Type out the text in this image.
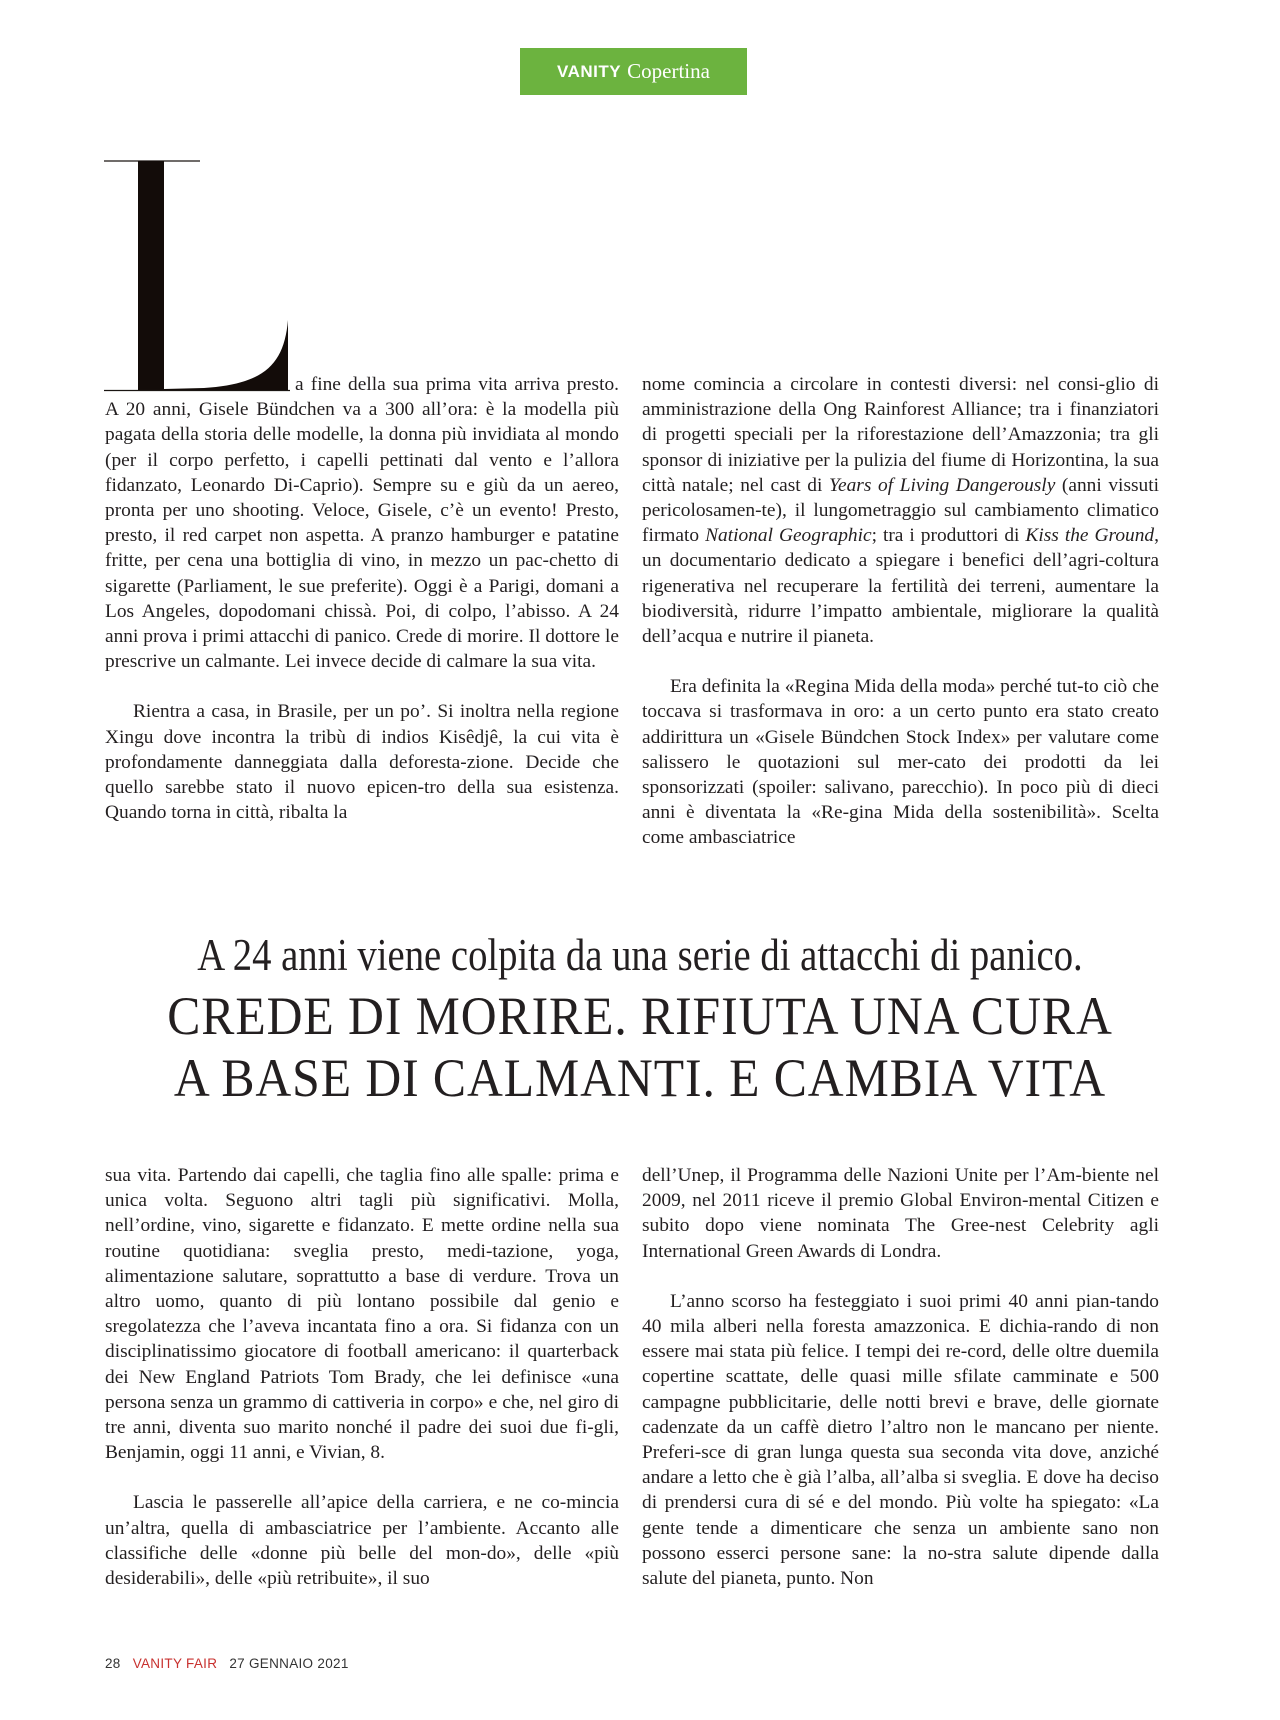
VANITY Copertina

a fine della sua prima vita arriva presto. A 20 anni, Gisele Bündchen va a 300 all’ora: è la modella più pagata della storia delle modelle, la donna più invidiata al mondo (per il corpo perfetto, i capelli pettinati dal vento e l’allora fidanzato, Leonardo Di-Caprio). Sempre su e giù da un aereo, pronta per uno shooting. Veloce, Gisele, c’è un evento! Presto, presto, il red carpet non aspetta. A pranzo hamburger e patatine fritte, per cena una bottiglia di vino, in mezzo un pac-chetto di sigarette (Parliament, le sue preferite). Oggi è a Parigi, domani a Los Angeles, dopodomani chissà. Poi, di colpo, l’abisso. A 24 anni prova i primi attacchi di panico. Crede di morire. Il dottore le prescrive un calmante. Lei invece decide di calmare la sua vita.

Rientra a casa, in Brasile, per un po’. Si inoltra nella regione Xingu dove incontra la tribù di indios Kisêdjê, la cui vita è profondamente danneggiata dalla deforesta-zione. Decide che quello sarebbe stato il nuovo epicen-tro della sua esistenza. Quando torna in città, ribalta la

nome comincia a circolare in contesti diversi: nel consi-glio di amministrazione della Ong Rainforest Alliance; tra i finanziatori di progetti speciali per la riforestazione dell’Amazzonia; tra gli sponsor di iniziative per la pulizia del fiume di Horizontina, la sua città natale; nel cast di Years of Living Dangerously (anni vissuti pericolosamen-te), il lungometraggio sul cambiamento climatico firmato National Geographic; tra i produttori di Kiss the Ground, un documentario dedicato a spiegare i benefici dell’agri-coltura rigenerativa nel recuperare la fertilità dei terreni, aumentare la biodiversità, ridurre l’impatto ambientale, migliorare la qualità dell’acqua e nutrire il pianeta.

Era definita la «Regina Mida della moda» perché tut-to ciò che toccava si trasformava in oro: a un certo punto era stato creato addirittura un «Gisele Bündchen Stock Index» per valutare come salissero le quotazioni sul mer-cato dei prodotti da lei sponsorizzati (spoiler: salivano, parecchio). In poco più di dieci anni è diventata la «Re-gina Mida della sostenibilità». Scelta come ambasciatrice

A 24 anni viene colpita da una serie di attacchi di panico.
CREDE DI MORIRE. RIFIUTA UNA CURA
A BASE DI CALMANTI. E CAMBIA VITA

sua vita. Partendo dai capelli, che taglia fino alle spalle: prima e unica volta. Seguono altri tagli più significativi. Molla, nell’ordine, vino, sigarette e fidanzato. E mette ordine nella sua routine quotidiana: sveglia presto, medi-tazione, yoga, alimentazione salutare, soprattutto a base di verdure. Trova un altro uomo, quanto di più lontano possibile dal genio e sregolatezza che l’aveva incantata fino a ora. Si fidanza con un disciplinatissimo giocatore di football americano: il quarterback dei New England Patriots Tom Brady, che lei definisce «una persona senza un grammo di cattiveria in corpo» e che, nel giro di tre anni, diventa suo marito nonché il padre dei suoi due fi-gli, Benjamin, oggi 11 anni, e Vivian, 8.

Lascia le passerelle all’apice della carriera, e ne co-mincia un’altra, quella di ambasciatrice per l’ambiente. Accanto alle classifiche delle «donne più belle del mon-do», delle «più desiderabili», delle «più retribuite», il suo

dell’Unep, il Programma delle Nazioni Unite per l’Am-biente nel 2009, nel 2011 riceve il premio Global Environ-mental Citizen e subito dopo viene nominata The Gree-nest Celebrity agli International Green Awards di Londra.

L’anno scorso ha festeggiato i suoi primi 40 anni pian-tando 40 mila alberi nella foresta amazzonica. E dichia-rando di non essere mai stata più felice. I tempi dei re-cord, delle oltre duemila copertine scattate, delle quasi mille sfilate camminate e 500 campagne pubblicitarie, delle notti brevi e brave, delle giornate cadenzate da un caffè dietro l’altro non le mancano per niente. Preferi-sce di gran lunga questa sua seconda vita dove, anziché andare a letto che è già l’alba, all’alba si sveglia. E dove ha deciso di prendersi cura di sé e del mondo. Più volte ha spiegato: «La gente tende a dimenticare che senza un ambiente sano non possono esserci persone sane: la no-stra salute dipende dalla salute del pianeta, punto. Non

28 VANITY FAIR 27 GENNAIO 2021
